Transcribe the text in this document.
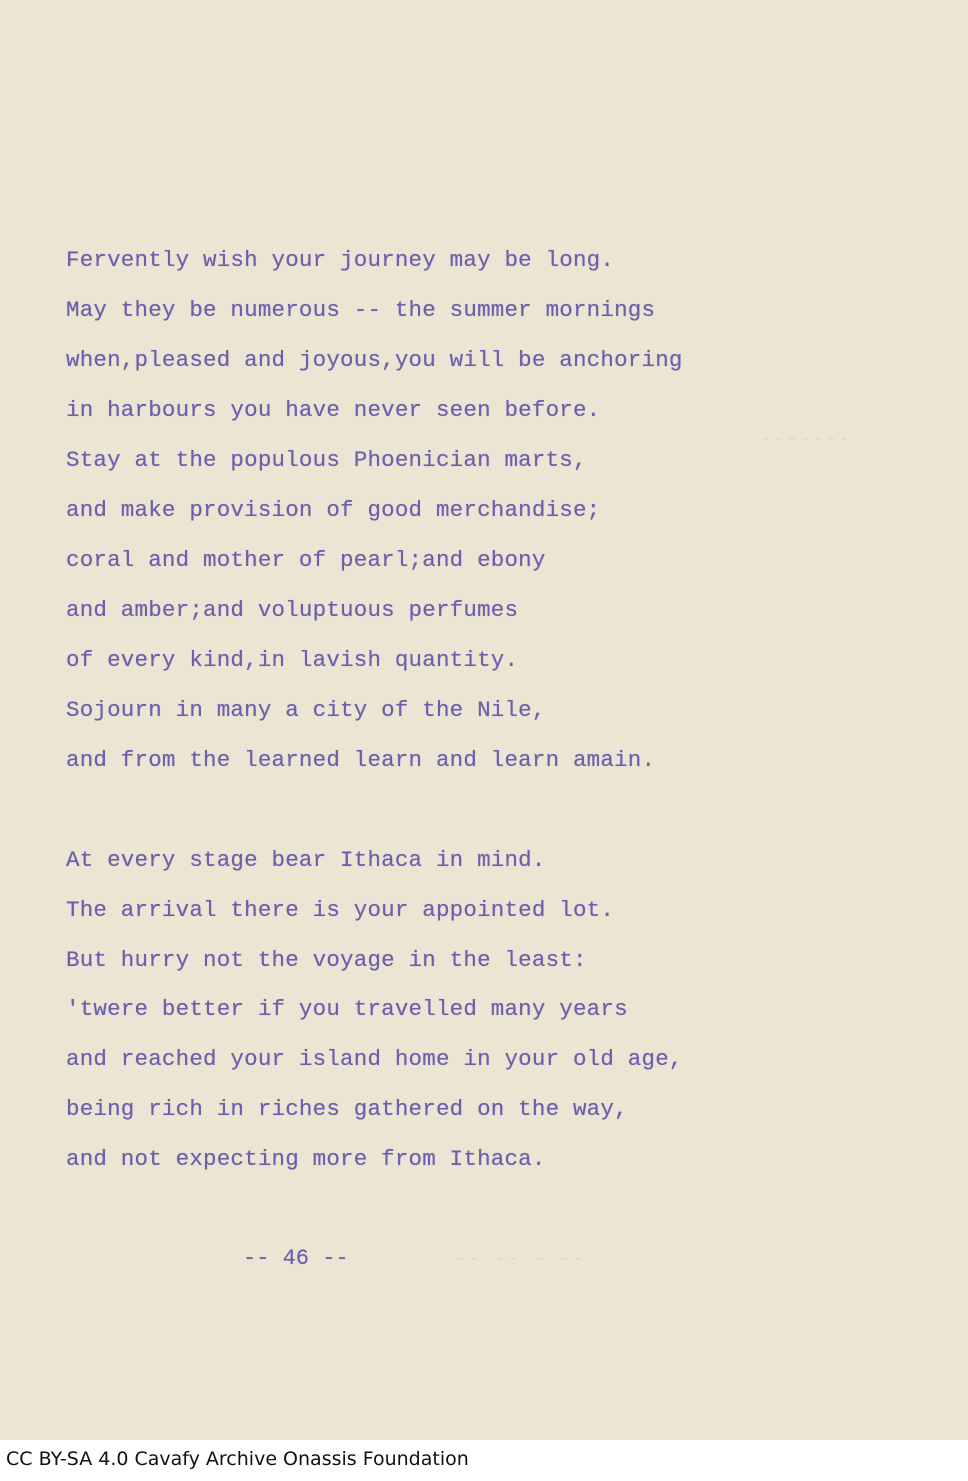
-------
-- -- - --
Fervently wish your journey may be long.
May they be numerous -- the summer mornings
when,pleased and joyous,you will be anchoring
in harbours you have never seen before.
Stay at the populous Phoenician marts,
and make provision of good merchandise;
coral and mother of pearl;and ebony
and amber;and voluptuous perfumes
of every kind,in lavish quantity.
Sojourn in many a city of the Nile,
and from the learned learn and learn amain.
At every stage bear Ithaca in mind.
The arrival there is your appointed lot.
But hurry not the voyage in the least:
'twere better if you travelled many years
and reached your island home in your old age,
being rich in riches gathered on the way,
and not expecting more from Ithaca.
-- 46 --
CC BY-SA 4.0 Cavafy Archive Onassis Foundation
